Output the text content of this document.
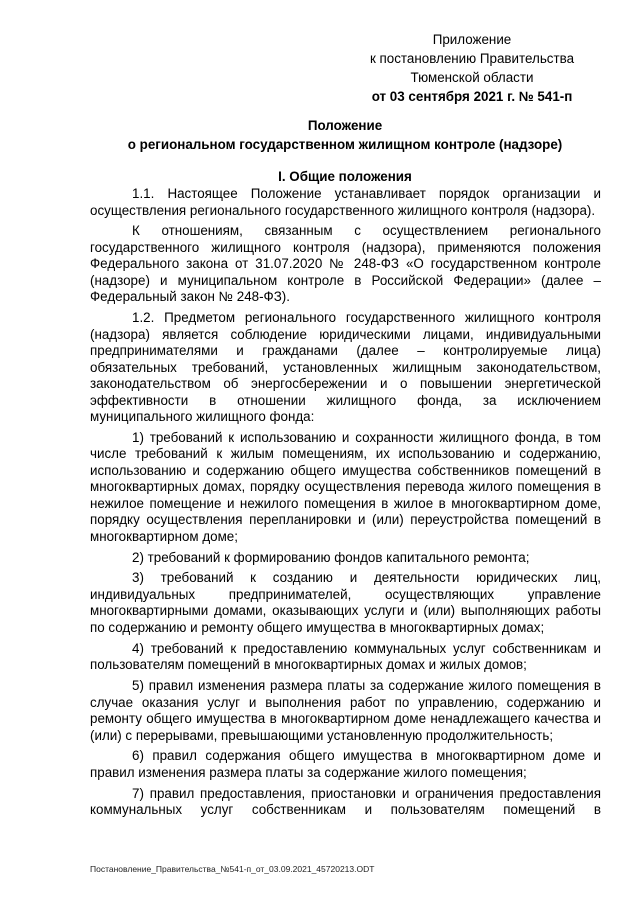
Приложение
к постановлению Правительства
Тюменской области
от 03 сентября 2021 г. № 541-п
Положение
о региональном государственном жилищном контроле (надзоре)
I. Общие положения

1.1. Настоящее Положение устанавливает порядок организации и осуществления регионального государственного жилищного контроля (надзора).

К отношениям, связанным с осуществлением регионального государственного жилищного контроля (надзора), применяются положения Федерального закона от 31.07.2020 № 248-ФЗ «О государственном контроле (надзоре) и муниципальном контроле в Российской Федерации» (далее – Федеральный закон № 248-ФЗ).

1.2. Предметом регионального государственного жилищного контроля (надзора) является соблюдение юридическими лицами, индивидуальными предпринимателями и гражданами (далее – контролируемые лица) обязательных требований, установленных жилищным законодательством, законодательством об энергосбережении и о повышении энергетической эффективности в отношении жилищного фонда, за исключением муниципального жилищного фонда:

1) требований к использованию и сохранности жилищного фонда, в том числе требований к жилым помещениям, их использованию и содержанию, использованию и содержанию общего имущества собственников помещений в многоквартирных домах, порядку осуществления перевода жилого помещения в нежилое помещение и нежилого помещения в жилое в многоквартирном доме, порядку осуществления перепланировки и (или) переустройства помещений в многоквартирном доме;

2) требований к формированию фондов капитального ремонта;

3) требований к созданию и деятельности юридических лиц, индивидуальных предпринимателей, осуществляющих управление многоквартирными домами, оказывающих услуги и (или) выполняющих работы по содержанию и ремонту общего имущества в многоквартирных домах;

4) требований к предоставлению коммунальных услуг собственникам и пользователям помещений в многоквартирных домах и жилых домов;

5) правил изменения размера платы за содержание жилого помещения в случае оказания услуг и выполнения работ по управлению, содержанию и ремонту общего имущества в многоквартирном доме ненадлежащего качества и (или) с перерывами, превышающими установленную продолжительность;

6) правил содержания общего имущества в многоквартирном доме и правил изменения размера платы за содержание жилого помещения;

7) правил предоставления, приостановки и ограничения предоставления коммунальных услуг собственникам и пользователям помещений в

Постановление_Правительства_№541-п_от_03.09.2021_45720213.ODT
